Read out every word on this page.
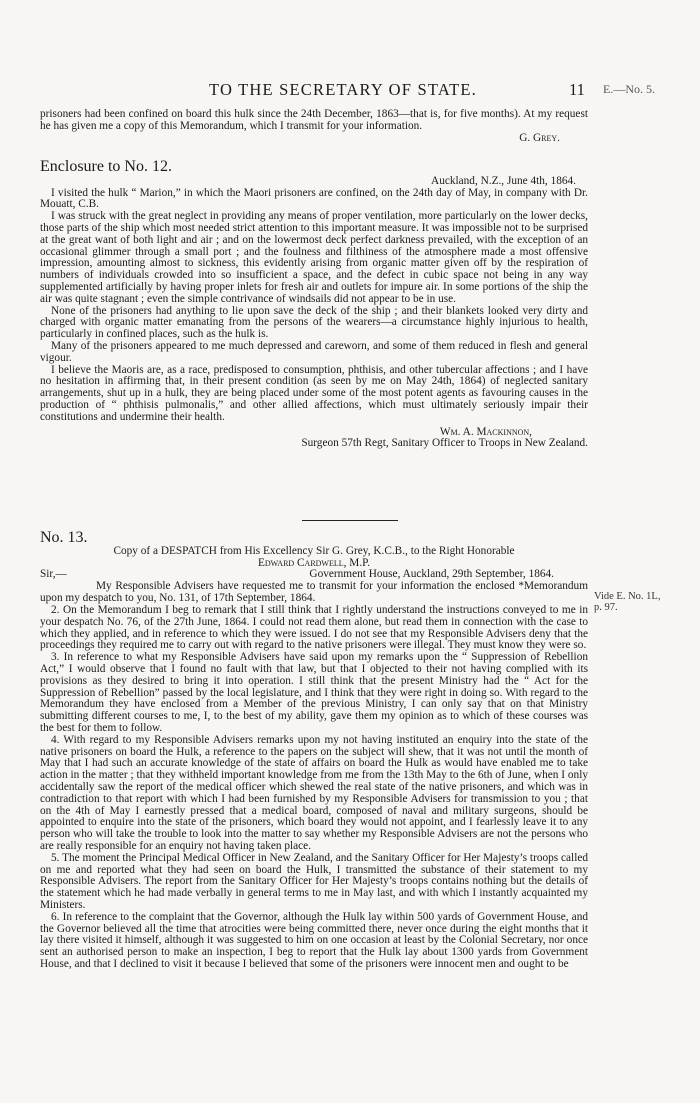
TO THE SECRETARY OF STATE.	11 E.—No. 5.

prisoners had been confined on board this hulk since the 24th December, 1863—that is, for five months). At my request he has given me a copy of this Memorandum, which I transmit for your information.

G. Grey.

Enclosure to No. 12.

Auckland, N.Z., June 4th, 1864.

I visited the hulk “ Marion,” in which the Maori prisoners are confined, on the 24th day of May, in company with Dr. Mouatt, C.B.

I was struck with the great neglect in providing any means of proper ventilation, more particularly on the lower decks, those parts of the ship which most needed strict attention to this important measure. It was impossible not to be surprised at the great want of both light and air ; and on the lowermost deck perfect darkness prevailed, with the exception of an occasional glimmer through a small port ; and the foulness and filthiness of the atmosphere made a most offensive impression, amounting almost to sickness, this evidently arising from organic matter given off by the respiration of numbers of individuals crowded into so insufficient a space, and the defect in cubic space not being in any way supplemented artificially by having proper inlets for fresh air and outlets for impure air. In some portions of the ship the air was quite stagnant ; even the simple contrivance of windsails did not appear to be in use.

None of the prisoners had anything to lie upon save the deck of the ship ; and their blankets looked very dirty and charged with organic matter emanating from the persons of the wearers—a circumstance highly injurious to health, particularly in confined places, such as the hulk is.

Many of the prisoners appeared to me much depressed and careworn, and some of them reduced in flesh and general vigour.

I believe the Maoris are, as a race, predisposed to consumption, phthisis, and other tubercular affections ; and I have no hesitation in affirming that, in their present condition (as seen by me on May 24th, 1864) of neglected sanitary arrangements, shut up in a hulk, they are being placed under some of the most potent agents as favouring causes in the production of “ phthisis pulmonalis,” and other allied affections, which must ultimately seriously impair their constitutions and undermine their health.

Wm. A. Mackinnon,

Surgeon 57th Regt, Sanitary Officer to Troops in New Zealand.

No. 13.

Copy of a DESPATCH from His Excellency Sir G. Grey, K.C.B., to the Right Honorable

Edward Cardwell, M.P.

Sir,—	Government House, Auckland, 29th September, 1864.

My Responsible Advisers have requested me to transmit for your information the enclosed *Memorandum upon my despatch to you, No. 131, of 17th September, 1864.

2. On the Memorandum I beg to remark that I still think that I rightly understand the instructions conveyed to me in your despatch No. 76, of the 27th June, 1864. I could not read them alone, but read them in connection with the case to which they applied, and in reference to which they were issued. I do not see that my Responsible Advisers deny that the proceedings they required me to carry out with regard to the native prisoners were illegal. They must know they were so.

3. In reference to what my Responsible Advisers have said upon my remarks upon the “ Suppression of Rebellion Act,” I would observe that I found no fault with that law, but that I objected to their not having complied with its provisions as they desired to bring it into operation. I still think that the present Ministry had the “ Act for the Suppression of Rebellion” passed by the local legislature, and I think that they were right in doing so. With regard to the Memorandum they have enclosed from a Member of the previous Ministry, I can only say that on that Ministry submitting different courses to me, I, to the best of my ability, gave them my opinion as to which of these courses was the best for them to follow.

4. With regard to my Responsible Advisers remarks upon my not having instituted an enquiry into the state of the native prisoners on board the Hulk, a reference to the papers on the subject will shew, that it was not until the month of May that I had such an accurate knowledge of the state of affairs on board the Hulk as would have enabled me to take action in the matter ; that they withheld important knowledge from me from the 13th May to the 6th of June, when I only accidentally saw the report of the medical officer which shewed the real state of the native prisoners, and which was in contradiction to that report with which I had been furnished by my Responsible Advisers for transmission to you ; that on the 4th of May I earnestly pressed that a medical board, composed of naval and military surgeons, should be appointed to enquire into the state of the prisoners, which board they would not appoint, and I fearlessly leave it to any person who will take the trouble to look into the matter to say whether my Responsible Advisers are not the persons who are really responsible for an enquiry not having taken place.

5. The moment the Principal Medical Officer in New Zealand, and the Sanitary Officer for Her Majesty’s troops called on me and reported what they had seen on board the Hulk, I transmitted the substance of their statement to my Responsible Advisers. The report from the Sanitary Officer for Her Majesty’s troops contains nothing but the details of the statement which he had made verbally in general terms to me in May last, and with which I instantly acquainted my Ministers.

6. In reference to the complaint that the Governor, although the Hulk lay within 500 yards of Government House, and the Governor believed all the time that atrocities were being committed there, never once during the eight months that it lay there visited it himself, although it was suggested to him on one occasion at least by the Colonial Secretary, nor once sent an authorised person to make an inspection, I beg to report that the Hulk lay about 1300 yards from Government House, and that I declined to visit it because I believed that some of the prisoners were innocent men and ought to be

Vide E. No. 1L,
p. 97.
